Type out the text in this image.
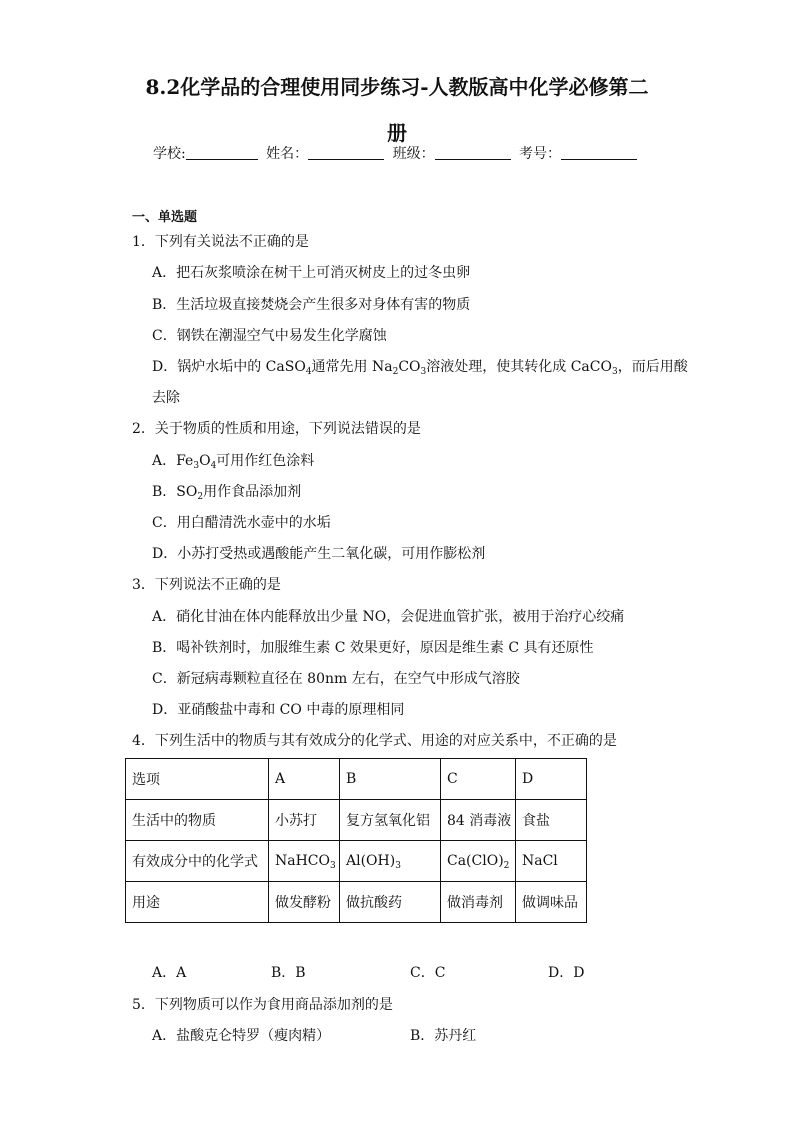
8.2化学品的合理使用同步练习-人教版高中化学必修第二
册
学校:	姓名：	班级：	考号：
一、单选题
1．下列有关说法不正确的是
A．把石灰浆喷涂在树干上可消灭树皮上的过冬虫卵
B．生活垃圾直接焚烧会产生很多对身体有害的物质
C．钢铁在潮湿空气中易发生化学腐蚀
D．锅炉水垢中的 CaSO$_4$通常先用 $Na_2CO_3$溶液处理，使其转化成 CaCO$_3$，而后用酸
去除
2．关于物质的性质和用途，下列说法错误的是
A．$Fe_3O_4$可用作红色涂料
B．$SO_2$用作食品添加剂
C．用白醋清洗水壶中的水垢
D．小苏打受热或遇酸能产生二氧化碳，可用作膨松剂
3．下列说法不正确的是
A．硝化甘油在体内能释放出少量 NO，会促进血管扩张，被用于治疗心绞痛
B．喝补铁剂时，加服维生素 C 效果更好，原因是维生素 C 具有还原性
C．新冠病毒颗粒直径在 80nm 左右，在空气中形成气溶胶
D．亚硝酸盐中毒和 CO 中毒的原理相同
4．下列生活中的物质与其有效成分的化学式、用途的对应关系中，不正确的是
选项	A	B	C	D
生活中的物质	小苏打	复方氢氧化铝	84 消毒液	食盐
有效成分中的化学式	NaHCO$_3$	$Al(OH)_3$	$Ca(ClO)_2$	NaCl
用途	做发酵粉	做抗酸药	做消毒剂	做调味品
A．A	B．B	C．C	D．D
5．下列物质可以作为食用商品添加剂的是
A．盐酸克仑特罗（瘦肉精）	B．苏丹红
